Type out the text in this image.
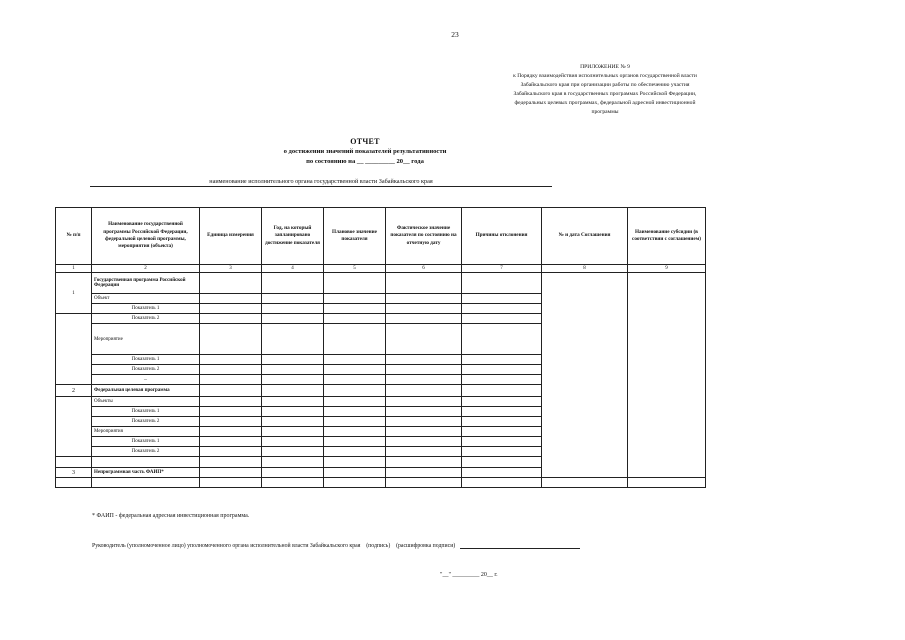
23
ПРИЛОЖЕНИЕ № 9
к Порядку взаимодействия исполнительных органов государственной власти
Забайкальского края при организации работы по обеспечению участия
Забайкальского края в государственных программах Российской Федерации,
федеральных целевых программах, федеральной адресной инвестиционной
программы
ОТЧЕТ
о достижении значений показателей результативности
по состоянию на __ _________ 20__ года
наименование исполнительного органа государственной власти Забайкальского края
№ п/п	Наименование государственной программы Российской Федерации, федеральной целевой программы, мероприятия (объекта)	Единица измерения	Год, на который запланировано достижение показателя	Плановое значение показателя	Фактическое значение показателя по состоянию на отчетную дату	Причины отклонения	№ и дата Соглашения	Наименование субсидии (в соответствии с соглашением)
1	2	3	4	5	6	7	8	9
1	Государственная программа Российской Федерации							
	Объект							
	Показатель 1							
	Показатель 2							
	Мероприятие							
	Показатель 1							
	Показатель 2							
	...							
2	Федеральная целевая программа							
	Объекты							
	Показатель 1							
	Показатель 2							
	Мероприятия							
	Показатель 1							
	Показатель 2							

3	Непрограммная часть ФАИП*							

* ФАИП - федеральная адресная инвестиционная программа.
Руководитель (уполномоченное лицо) уполномоченного органа исполнительной власти Забайкальского края (подпись) (расшифровка подписи)
"__" _________ 20__ г.
